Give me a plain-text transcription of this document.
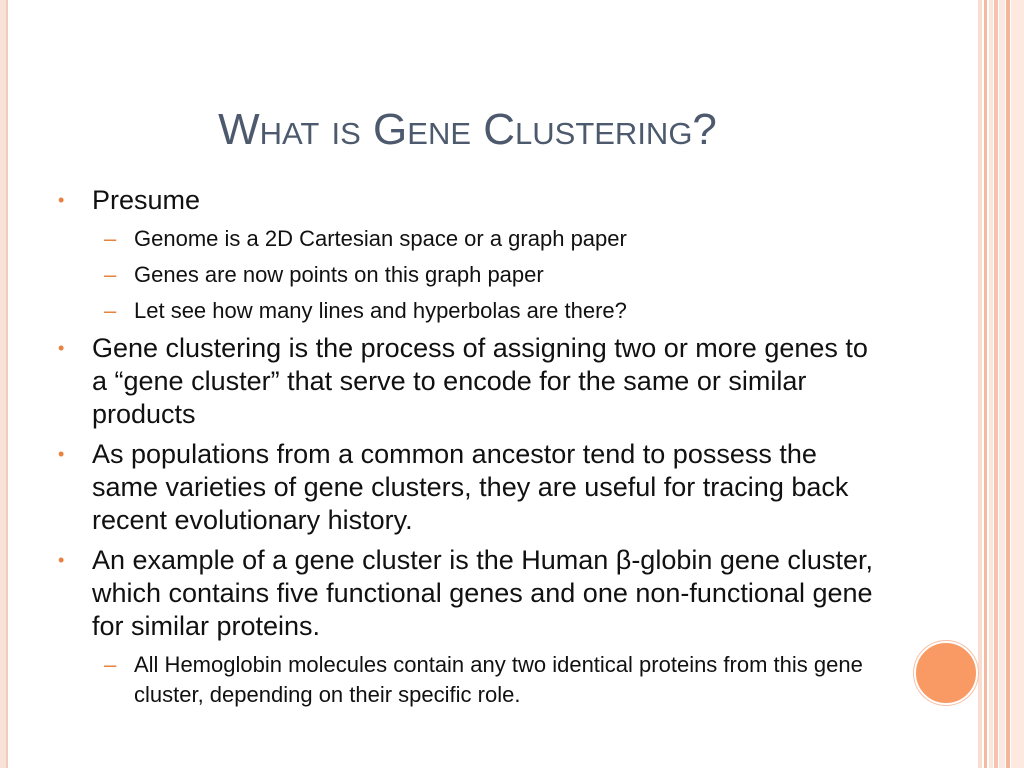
What is Gene Clustering?
• Presume
– Genome is a 2D Cartesian space or a graph paper
– Genes are now points on this graph paper
– Let see how many lines and hyperbolas are there?
• Gene clustering is the process of assigning two or more genes to a “gene cluster” that serve to encode for the same or similar products
• As populations from a common ancestor tend to possess the same varieties of gene clusters, they are useful for tracing back recent evolutionary history.
• An example of a gene cluster is the Human β-globin gene cluster, which contains five functional genes and one non-functional gene for similar proteins.
– All Hemoglobin molecules contain any two identical proteins from this gene cluster, depending on their specific role.
